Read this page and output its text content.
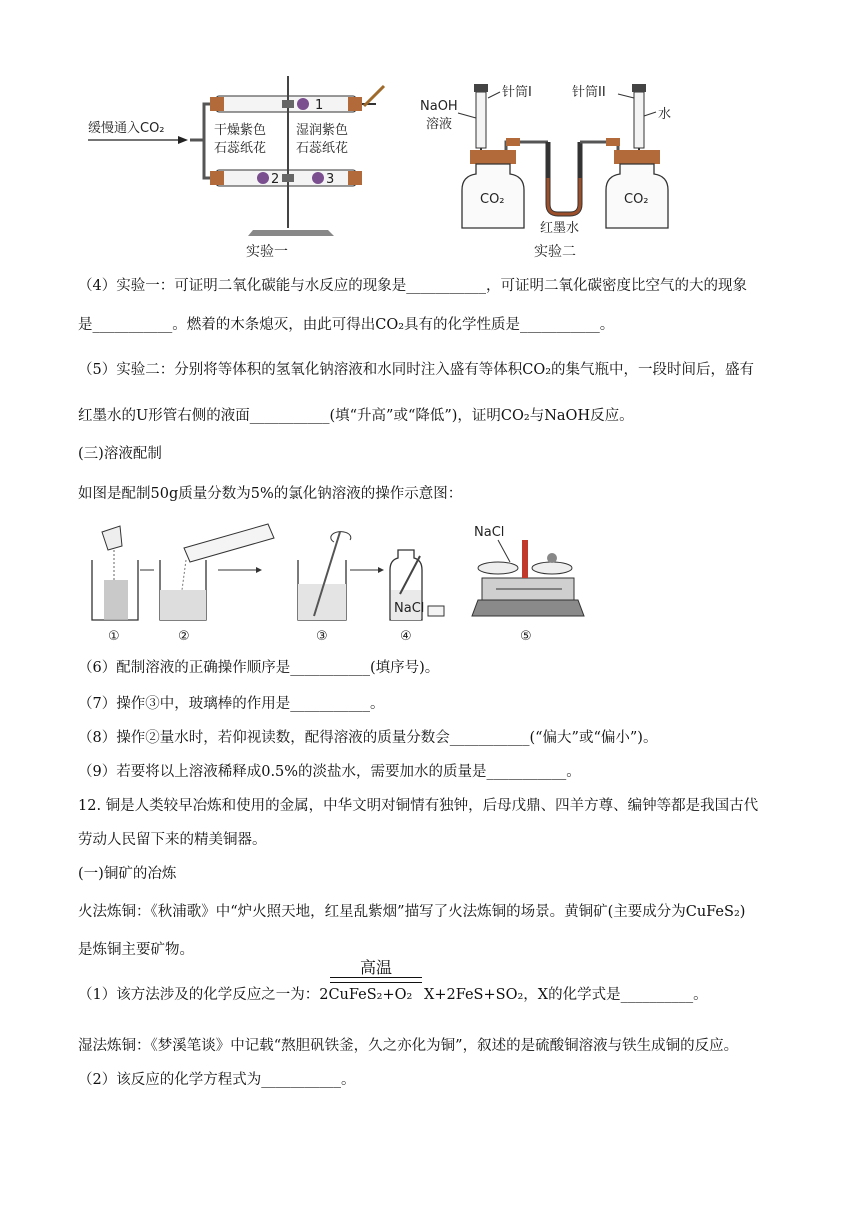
缓慢通入CO₂
1
2	3
干燥紫色
石蕊纸花
湿润紫色
石蕊纸花
实验一
NaOH
溶液
针筒I
CO₂
红墨水
针筒II
水
CO₂
实验二
（4）实验一：可证明二氧化碳能与水反应的现象是___________，可证明二氧化碳密度比空气的大的现象
是___________。燃着的木条熄灭，由此可得出CO₂具有的化学性质是___________。
（5）实验二：分别将等体积的氢氧化钠溶液和水同时注入盛有等体积CO₂的集气瓶中，一段时间后，盛有
红墨水的U形管右侧的液面___________(填“升高”或“降低”)，证明CO₂与NaOH反应。
(三)溶液配制
如图是配制50g质量分数为5%的氯化钠溶液的操作示意图：
NaCl
NaCl
①	②	③	④	⑤
（6）配制溶液的正确操作顺序是___________(填序号)。
（7）操作③中，玻璃棒的作用是___________。
（8）操作②量水时，若仰视读数，配得溶液的质量分数会___________(“偏大”或“偏小”)。
（9）若要将以上溶液稀释成0.5%的淡盐水，需要加水的质量是___________。
12. 铜是人类较早冶炼和使用的金属，中华文明对铜情有独钟，后母戊鼎、四羊方尊、编钟等都是我国古代
劳动人民留下来的精美铜器。
(一)铜矿的冶炼
火法炼铜：《秋浦歌》中“炉火照天地，红星乱紫烟”描写了火法炼铜的场景。黄铜矿(主要成分为CuFeS₂)
是炼铜主要矿物。
（1）该方法涉及的化学反应之一为：2CuFeS₂+O₂
高温
X+2FeS+SO₂，X的化学式是__________。
湿法炼铜：《梦溪笔谈》中记载“熬胆矾铁釜，久之亦化为铜”，叙述的是硫酸铜溶液与铁生成铜的反应。
（2）该反应的化学方程式为___________。
